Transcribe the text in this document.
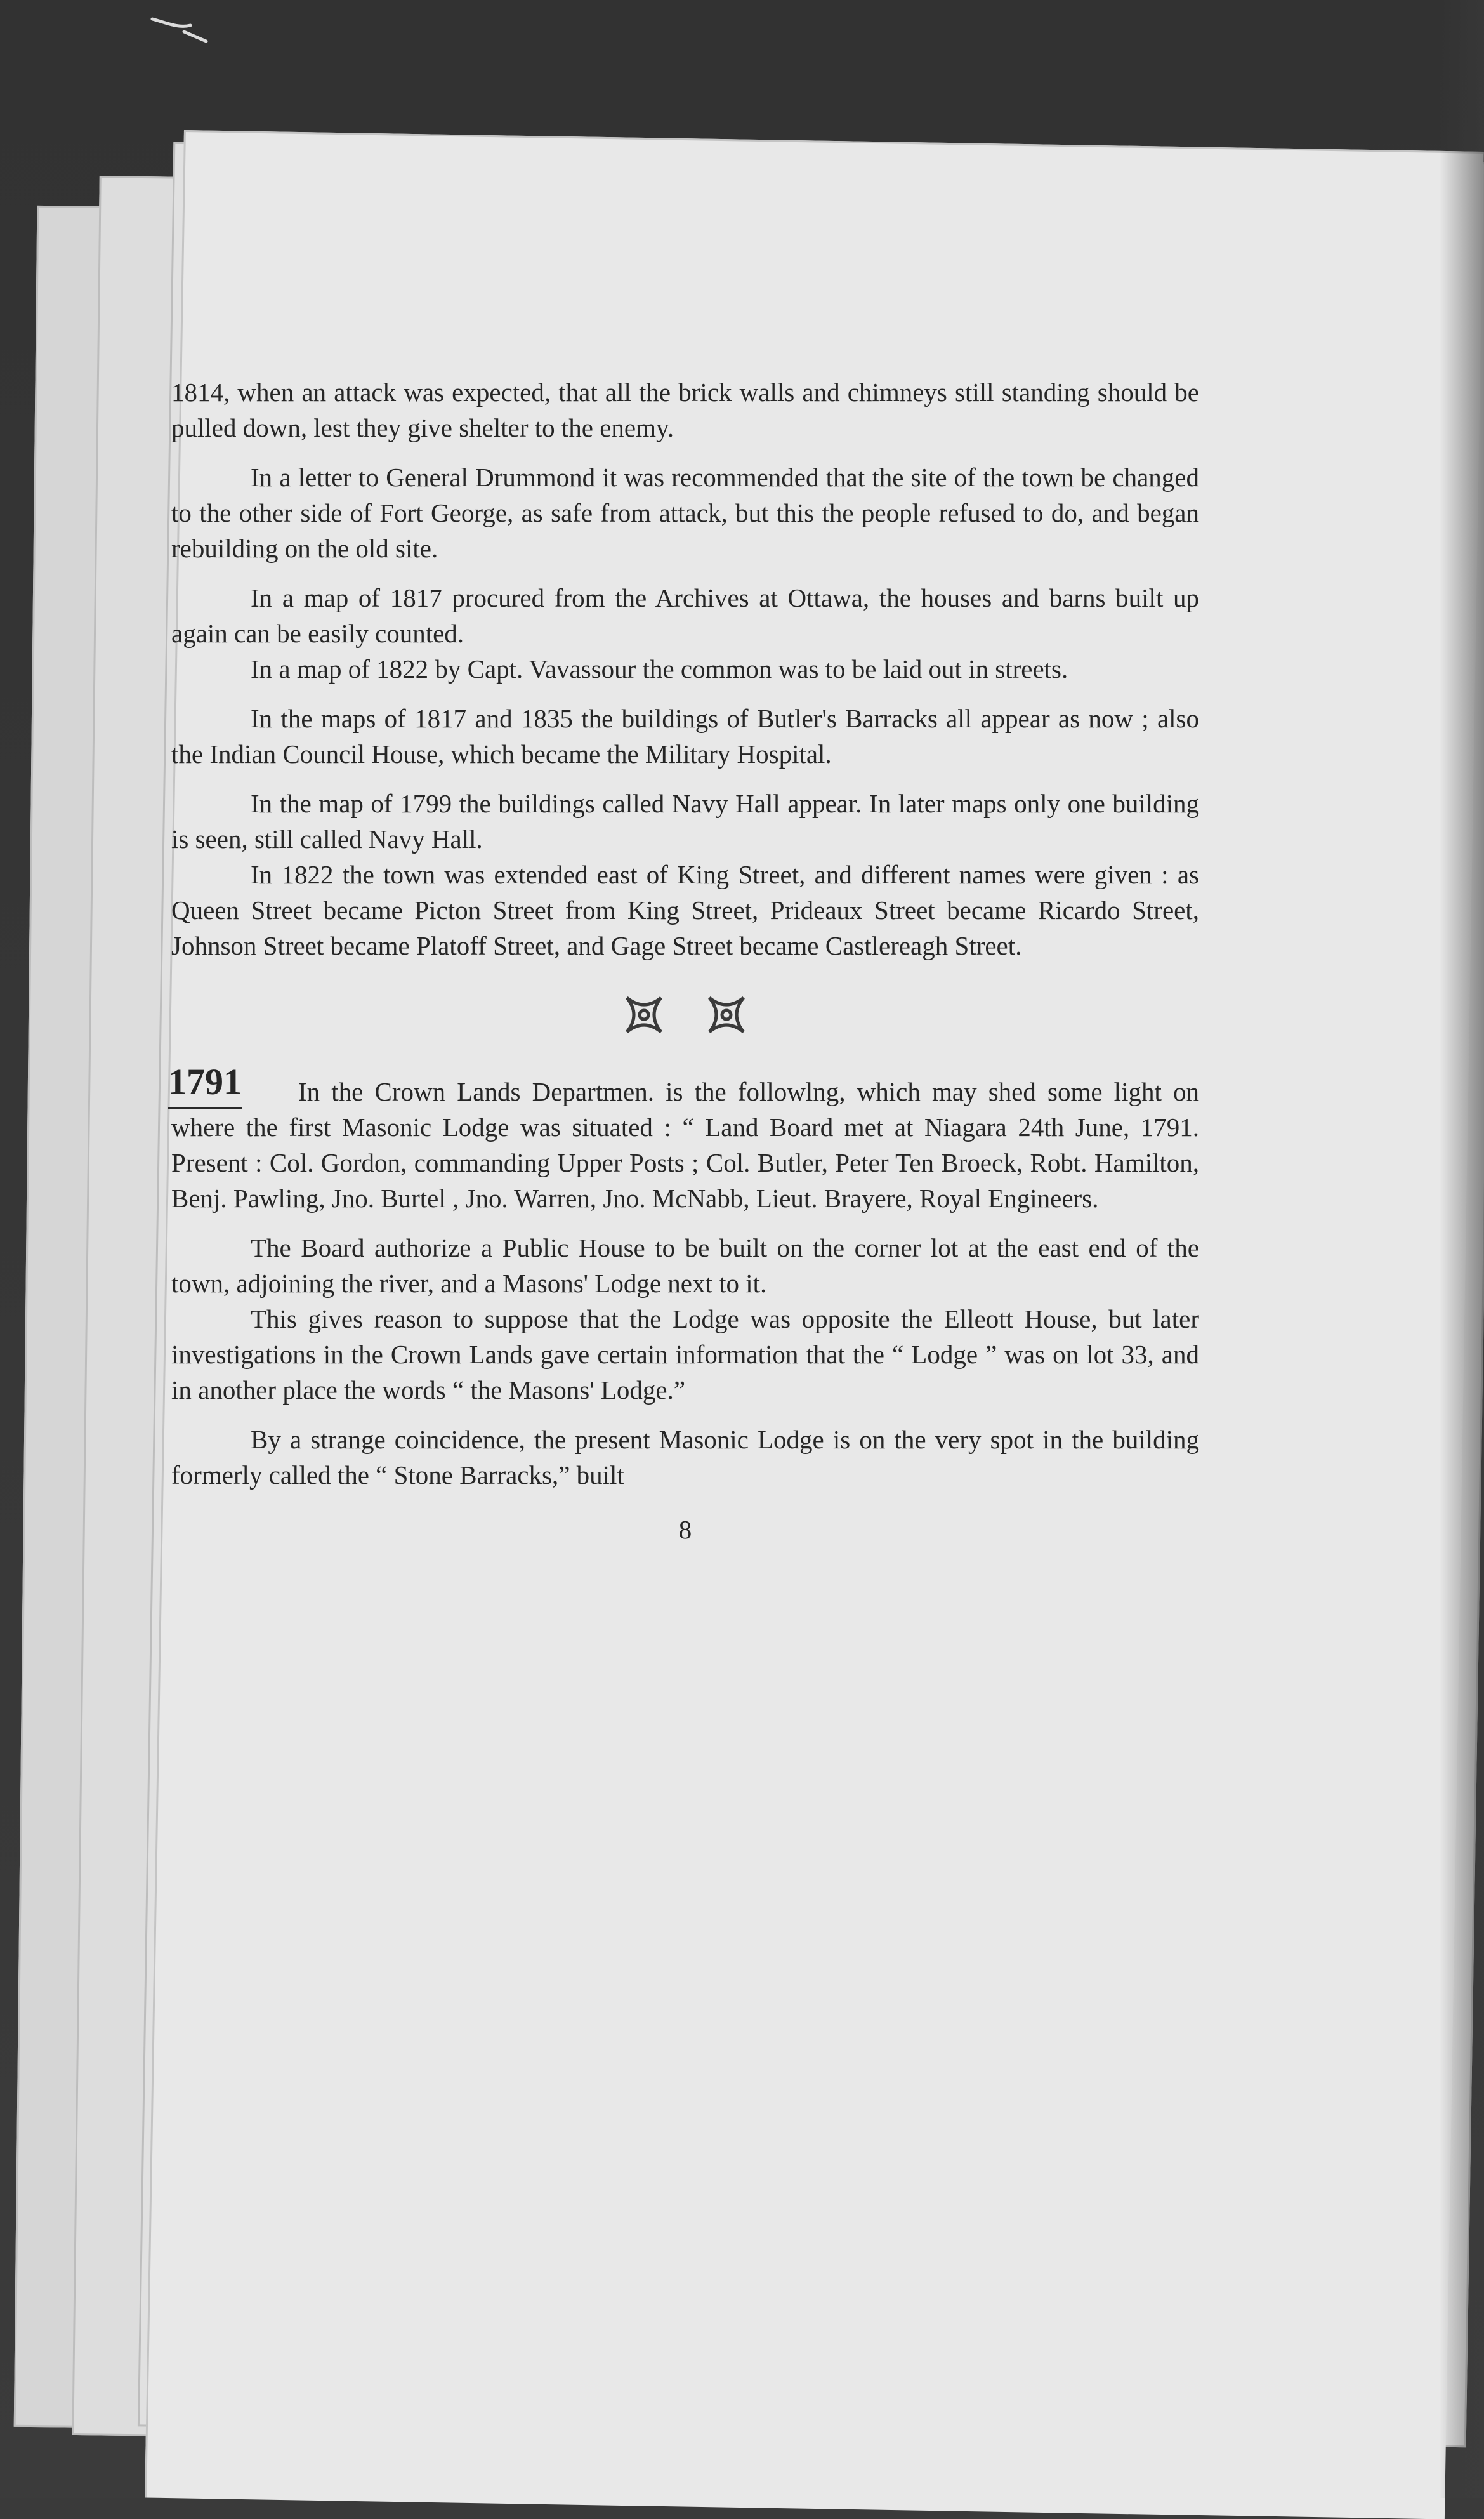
1814, when an attack was expected, that all the brick walls and chimneys still standing should be pulled down, lest they give shelter to the enemy.

In a letter to General Drummond it was recommended that the site of the town be changed to the other side of Fort George, as safe from attack, but this the people refused to do, and began rebuilding on the old site.

In a map of 1817 procured from the Archives at Ottawa, the houses and barns built up again can be easily counted.

In a map of 1822 by Capt. Vavassour the common was to be laid out in streets.

In the maps of 1817 and 1835 the buildings of Butler's Barracks all appear as now ; also the Indian Council House, which became the Military Hospital.

In the map of 1799 the buildings called Navy Hall appear. In later maps only one building is seen, still called Navy Hall.

In 1822 the town was extended east of King Street, and different names were given : as Queen Street became Picton Street from King Street, Prideaux Street became Ricardo Street, Johnson Street became Platoff Street, and Gage Street became Castlereagh Street.

1791 In the Crown Lands Departmen. is the followlng, which may shed some light on where the first Masonic Lodge was situated : “ Land Board met at Niagara 24th June, 1791. Present : Col. Gordon, commanding Upper Posts ; Col. Butler, Peter Ten Broeck, Robt. Hamilton, Benj. Pawling, Jno. Burtel , Jno. Warren, Jno. McNabb, Lieut. Brayere, Royal Engineers.

The Board authorize a Public House to be built on the corner lot at the east end of the town, adjoining the river, and a Masons' Lodge next to it.

This gives reason to suppose that the Lodge was opposite the Elleott House, but later investigations in the Crown Lands gave certain information that the “ Lodge ” was on lot 33, and in another place the words “ the Masons' Lodge.”

By a strange coincidence, the present Masonic Lodge is on the very spot in the building formerly called the “ Stone Barracks,” built

8
